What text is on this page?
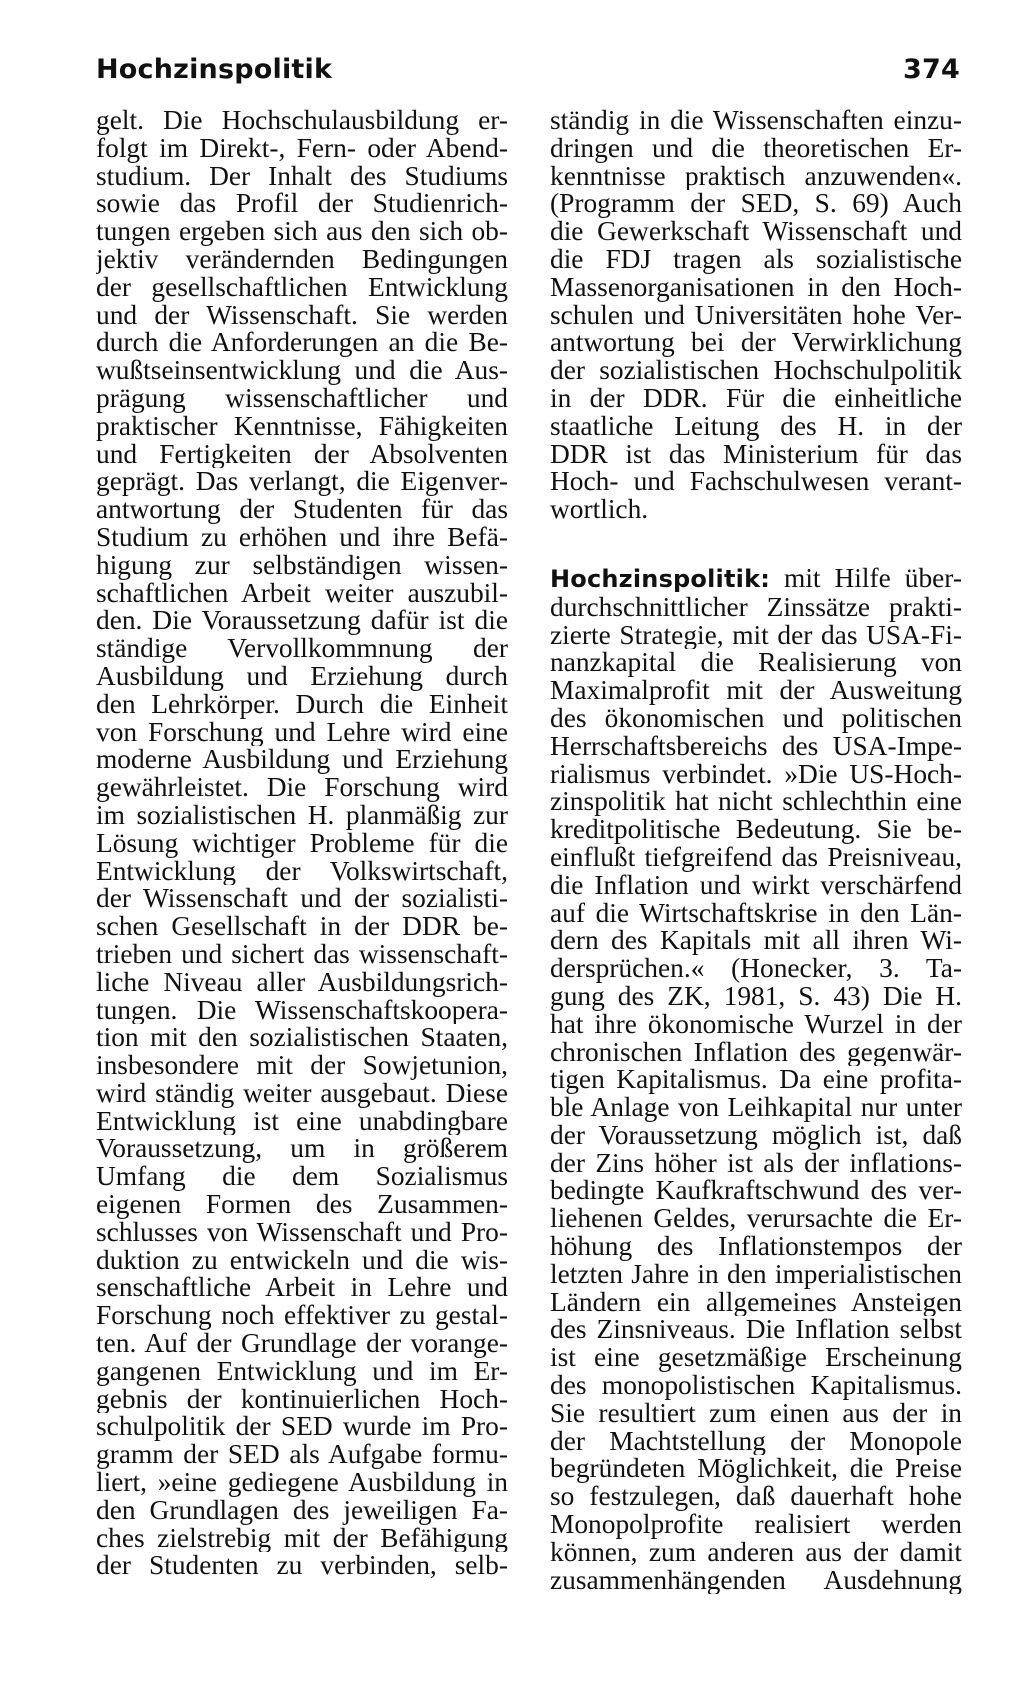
Hochzinspolitik	374

gelt. Die Hochschulausbildung er-
folgt im Direkt-, Fern- oder Abend-
studium. Der Inhalt des Studiums
sowie das Profil der Studienrich-
tungen ergeben sich aus den sich ob-
jektiv verändernden Bedingungen
der gesellschaftlichen Entwicklung
und der Wissenschaft. Sie werden
durch die Anforderungen an die Be-
wußtseinsentwicklung und die Aus-
prägung wissenschaftlicher und
praktischer Kenntnisse, Fähigkeiten
und Fertigkeiten der Absolventen
geprägt. Das verlangt, die Eigenver-
antwortung der Studenten für das
Studium zu erhöhen und ihre Befä-
higung zur selbständigen wissen-
schaftlichen Arbeit weiter auszubil-
den. Die Voraussetzung dafür ist die
ständige Vervollkommnung der
Ausbildung und Erziehung durch
den Lehrkörper. Durch die Einheit
von Forschung und Lehre wird eine
moderne Ausbildung und Erziehung
gewährleistet. Die Forschung wird
im sozialistischen H. planmäßig zur
Lösung wichtiger Probleme für die
Entwicklung der Volkswirtschaft,
der Wissenschaft und der sozialisti-
schen Gesellschaft in der DDR be-
trieben und sichert das wissenschaft-
liche Niveau aller Ausbildungsrich-
tungen. Die Wissenschaftskoopera-
tion mit den sozialistischen Staaten,
insbesondere mit der Sowjetunion,
wird ständig weiter ausgebaut. Diese
Entwicklung ist eine unabdingbare
Voraussetzung, um in größerem
Umfang die dem Sozialismus
eigenen Formen des Zusammen-
schlusses von Wissenschaft und Pro-
duktion zu entwickeln und die wis-
senschaftliche Arbeit in Lehre und
Forschung noch effektiver zu gestal-
ten. Auf der Grundlage der vorange-
gangenen Entwicklung und im Er-
gebnis der kontinuierlichen Hoch-
schulpolitik der SED wurde im Pro-
gramm der SED als Aufgabe formu-
liert, »eine gediegene Ausbildung in
den Grundlagen des jeweiligen Fa-
ches zielstrebig mit der Befähigung
der Studenten zu verbinden, selb-

ständig in die Wissenschaften einzu-
dringen und die theoretischen Er-
kenntnisse praktisch anzuwenden«.
(Programm der SED, S. 69) Auch
die Gewerkschaft Wissenschaft und
die FDJ tragen als sozialistische
Massenorganisationen in den Hoch-
schulen und Universitäten hohe Ver-
antwortung bei der Verwirklichung
der sozialistischen Hochschulpolitik
in der DDR. Für die einheitliche
staatliche Leitung des H. in der
DDR ist das Ministerium für das
Hoch- und Fachschulwesen verant-
wortlich.

Hochzinspolitik: mit Hilfe über-
durchschnittlicher Zinssätze prakti-
zierte Strategie, mit der das USA-Fi-
nanzkapital die Realisierung von
Maximalprofit mit der Ausweitung
des ökonomischen und politischen
Herrschaftsbereichs des USA-Impe-
rialismus verbindet. »Die US-Hoch-
zinspolitik hat nicht schlechthin eine
kreditpolitische Bedeutung. Sie be-
einflußt tiefgreifend das Preisniveau,
die Inflation und wirkt verschärfend
auf die Wirtschaftskrise in den Län-
dern des Kapitals mit all ihren Wi-
dersprüchen.« (Honecker, 3. Ta-
gung des ZK, 1981, S. 43) Die H.
hat ihre ökonomische Wurzel in der
chronischen Inflation des gegenwär-
tigen Kapitalismus. Da eine profita-
ble Anlage von Leihkapital nur unter
der Voraussetzung möglich ist, daß
der Zins höher ist als der inflations-
bedingte Kaufkraftschwund des ver-
liehenen Geldes, verursachte die Er-
höhung des Inflationstempos der
letzten Jahre in den imperialistischen
Ländern ein allgemeines Ansteigen
des Zinsniveaus. Die Inflation selbst
ist eine gesetzmäßige Erscheinung
des monopolistischen Kapitalismus.
Sie resultiert zum einen aus der in
der Machtstellung der Monopole
begründeten Möglichkeit, die Preise
so festzulegen, daß dauerhaft hohe
Monopolprofite realisiert werden
können, zum anderen aus der damit
zusammenhängenden Ausdehnung
